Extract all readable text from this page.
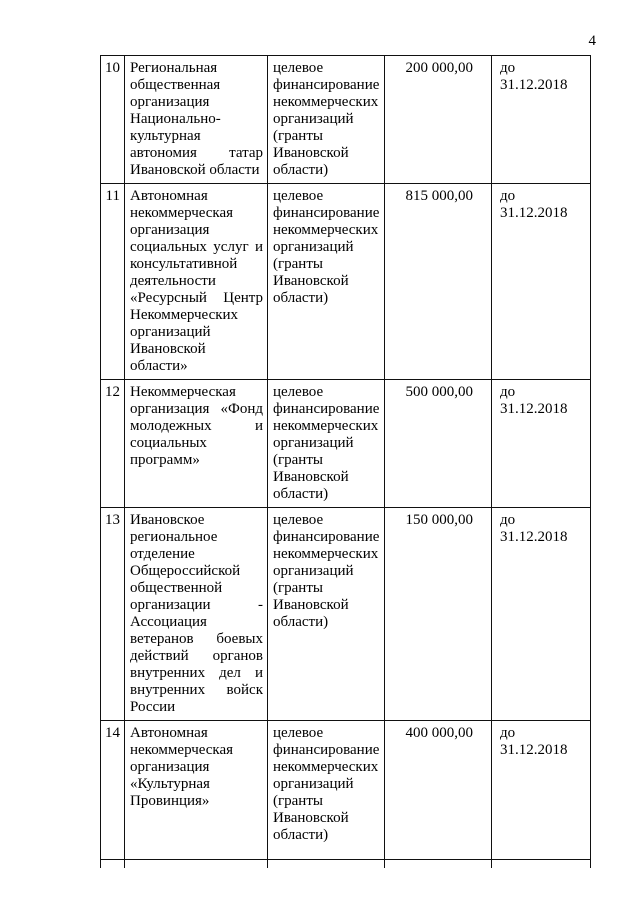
4
10	Региональная общественная организация Национально-культурная автономия татар Ивановской области	целевое финансирование некоммерческих организаций (гранты Ивановской области)	200 000,00	до 31.12.2018
11	Автономная некоммерческая организация социальных услуг и консультативной деятельности «Ресурсный Центр Некоммерческих организаций Ивановской области»	целевое финансирование некоммерческих организаций (гранты Ивановской области)	815 000,00	до 31.12.2018
12	Некоммерческая организация «Фонд молодежных и социальных программ»	целевое финансирование некоммерческих организаций (гранты Ивановской области)	500 000,00	до 31.12.2018
13	Ивановское региональное отделение Общероссийской общественной организации - Ассоциация ветеранов боевых действий органов внутренних дел и внутренних войск России	целевое финансирование некоммерческих организаций (гранты Ивановской области)	150 000,00	до 31.12.2018
14	Автономная некоммерческая организация «Культурная Провинция»	целевое финансирование некоммерческих организаций (гранты Ивановской области)	400 000,00	до 31.12.2018
